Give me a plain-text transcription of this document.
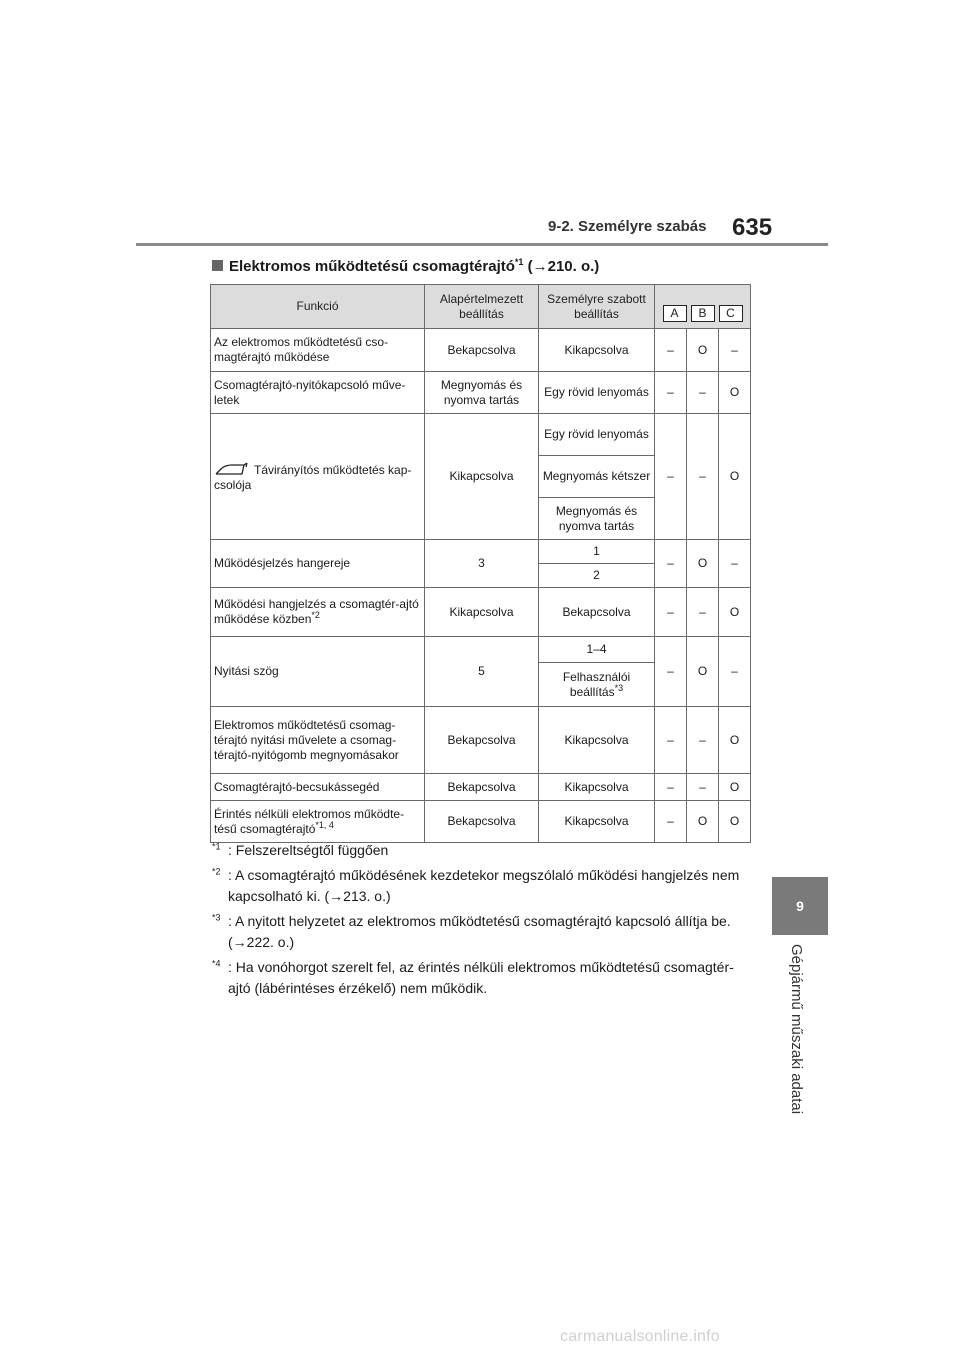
9-2. Személyre szabás 635
9
Gépjármű műszaki adatai
Elektromos működtetésű csomagtérajtó$^{*1}$ (→210. o.)
Funkció	Alapértelmezett beállítás	Személyre szabott beállítás	A B C		
Az elektromos működtetésű cso-magtérajtó működése	Bekapcsolva	Kikapcsolva	–	O	–
Csomagtérajtó-nyitókapcsoló műve-letek	Megnyomás és nyomva tartás	Egy rövid lenyomás	–	–	O
Távirányítós működtetés kap-csolója	Kikapcsolva	Egy rövid lenyomás	–	–	O
		Megnyomás kétszer			
		Megnyomás és nyomva tartás			
Működésjelzés hangereje	3	1	–	O	–
		2			
Működési hangjelzés a csomagtér-ajtó működése közben$^{*2}$	Kikapcsolva	Bekapcsolva	–	–	O
Nyitási szög	5	1–4	–	O	–
		Felhasználói beállítás$^{*3}$
Elektromos működtetésű csomag-térajtó nyitási művelete a csomag-térajtó-nyitógomb megnyomásakor	Bekapcsolva	Kikapcsolva	–	–	O
Csomagtérajtó-becsukássegéd	Bekapcsolva	Kikapcsolva	–	–	O
Érintés nélküli elektromos működte-tésű csomagtérajtó$^{*1, 4}$	Bekapcsolva	Kikapcsolva	–	O	O
$^{*1}$ : Felszereltségtől függően
$^{*2}$ : A csomagtérajtó működésének kezdetekor megszólaló működési hangjelzés nem kapcsolható ki. (→213. o.)
$^{*3}$ : A nyitott helyzetet az elektromos működtetésű csomagtérajtó kapcsoló állítja be. (→222. o.)
$^{*4}$ : Ha vonóhorgot szerelt fel, az érintés nélküli elektromos működtetésű csomagtér-ajtó (lábérintéses érzékelő) nem működik.
carmanualsonline.info
